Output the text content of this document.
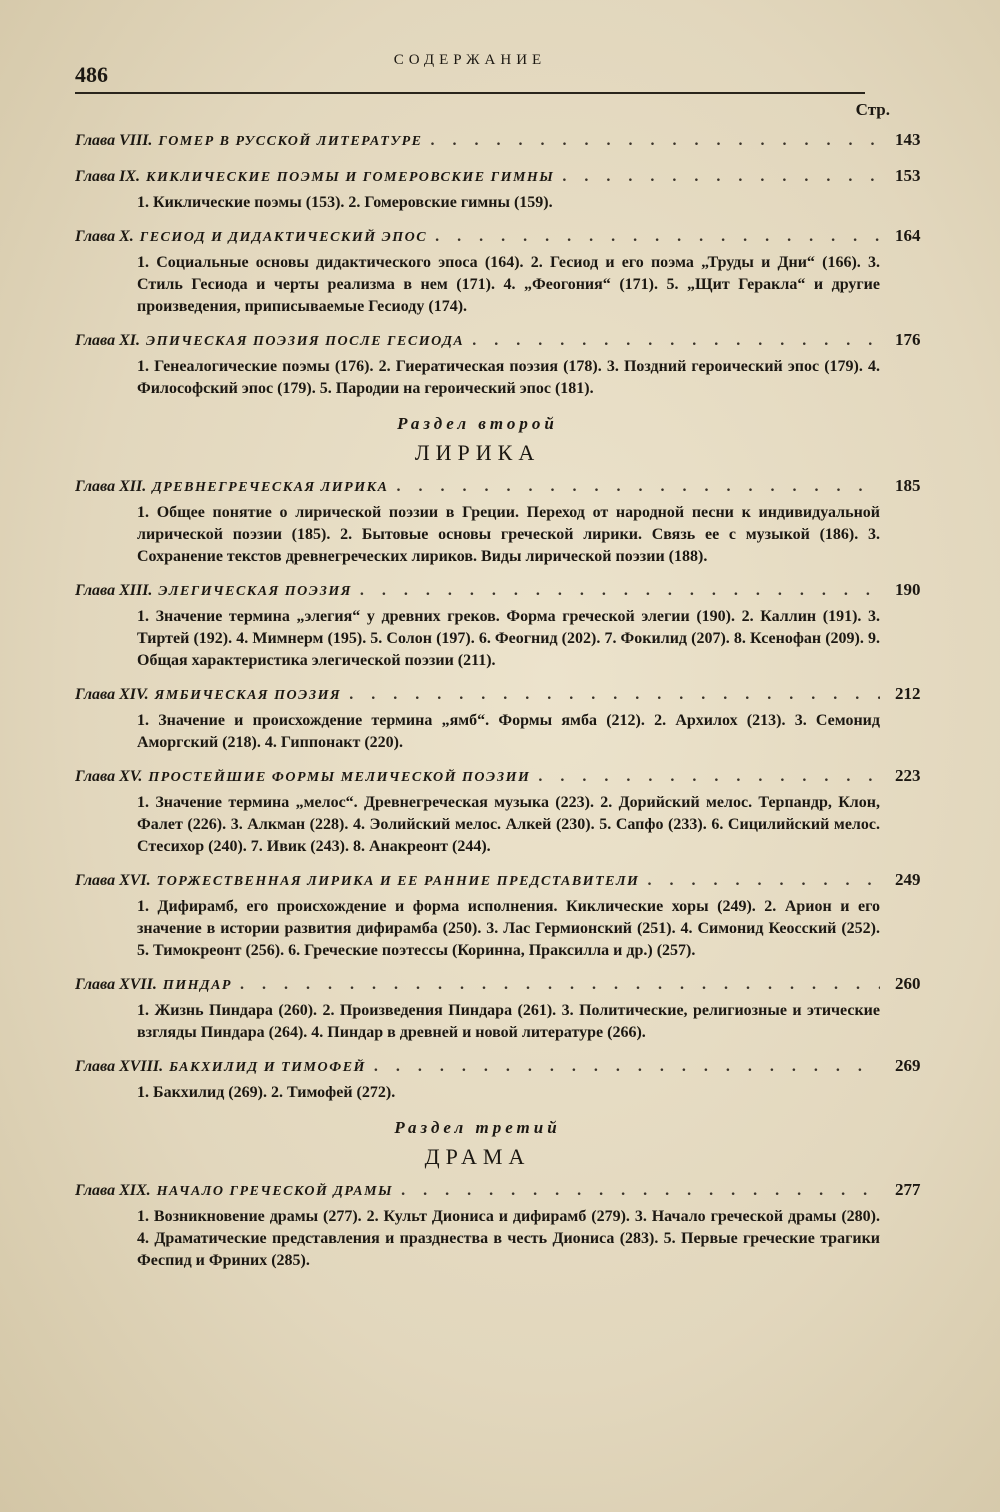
486
СОДЕРЖАНИЕ
Стр.
Глава VIII. ГОМЕР В РУССКОЙ ЛИТЕРАТУРЕ . . .	143
Глава IX. КИКЛИЧЕСКИЕ ПОЭМЫ И ГОМЕРОВСКИЕ ГИМНЫ . . .	153
1. Киклические поэмы (153). 2. Гомеровские гимны (159).
Глава X. ГЕСИОД И ДИДАКТИЧЕСКИЙ ЭПОС . . .	164
1. Социальные основы дидактического эпоса (164). 2. Гесиод и его поэма „Труды и Дни“ (166). 3. Стиль Гесиода и черты реализма в нем (171). 4. „Феогония“ (171). 5. „Щит Геракла“ и другие произведения, приписываемые Гесиоду (174).
Глава XI. ЭПИЧЕСКАЯ ПОЭЗИЯ ПОСЛЕ ГЕСИОДА . . .	176
1. Генеалогические поэмы (176). 2. Гиератическая поэзия (178). 3. Поздний героический эпос (179). 4. Философский эпос (179). 5. Пародии на героический эпос (181).
Раздел второй
ЛИРИКА
Глава XII. ДРЕВНЕГРЕЧЕСКАЯ ЛИРИКА . . .	185
1. Общее понятие о лирической поэзии в Греции. Переход от народной песни к индивидуальной лирической поэзии (185). 2. Бытовые основы греческой лирики. Связь ее с музыкой (186). 3. Сохранение текстов древнегреческих лириков. Виды лирической поэзии (188).
Глава XIII. ЭЛЕГИЧЕСКАЯ ПОЭЗИЯ . . .	190
1. Значение термина „элегия“ у древних греков. Форма греческой элегии (190). 2. Каллин (191). 3. Тиртей (192). 4. Мимнерм (195). 5. Солон (197). 6. Феогнид (202). 7. Фокилид (207). 8. Ксенофан (209). 9. Общая характеристика элегической поэзии (211).
Глава XIV. ЯМБИЧЕСКАЯ ПОЭЗИЯ . . .	212
1. Значение и происхождение термина „ямб“. Формы ямба (212). 2. Архилох (213). 3. Семонид Аморгский (218). 4. Гиппонакт (220).
Глава XV. ПРОСТЕЙШИЕ ФОРМЫ МЕЛИЧЕСКОЙ ПОЭЗИИ . . .	223
1. Значение термина „мелос“. Древнегреческая музыка (223). 2. Дорийский мелос. Терпандр, Клон, Фалет (226). 3. Алкман (228). 4. Эолийский мелос. Алкей (230). 5. Сапфо (233). 6. Сицилийский мелос. Стесихор (240). 7. Ивик (243). 8. Анакреонт (244).
Глава XVI. ТОРЖЕСТВЕННАЯ ЛИРИКА И ЕЕ РАННИЕ ПРЕДСТАВИТЕЛИ . . .	249
1. Дифирамб, его происхождение и форма исполнения. Киклические хоры (249). 2. Арион и его значение в истории развития дифирамба (250). 3. Лас Гермионский (251). 4. Симонид Кеосский (252). 5. Тимокреонт (256). 6. Греческие поэтессы (Коринна, Праксилла и др.) (257).
Глава XVII. ПИНДАР . . .	260
1. Жизнь Пиндара (260). 2. Произведения Пиндара (261). 3. Политические, религиозные и этические взгляды Пиндара (264). 4. Пиндар в древней и новой литературе (266).
Глава XVIII. БАКХИЛИД И ТИМОФЕЙ . . .	269
1. Бакхилид (269). 2. Тимофей (272).
Раздел третий
ДРАМА
Глава XIX. НАЧАЛО ГРЕЧЕСКОЙ ДРАМЫ . . .	277
1. Возникновение драмы (277). 2. Культ Диониса и дифирамб (279). 3. Начало греческой драмы (280). 4. Драматические представления и празднества в честь Диониса (283). 5. Первые греческие трагики Феспид и Фриних (285).
